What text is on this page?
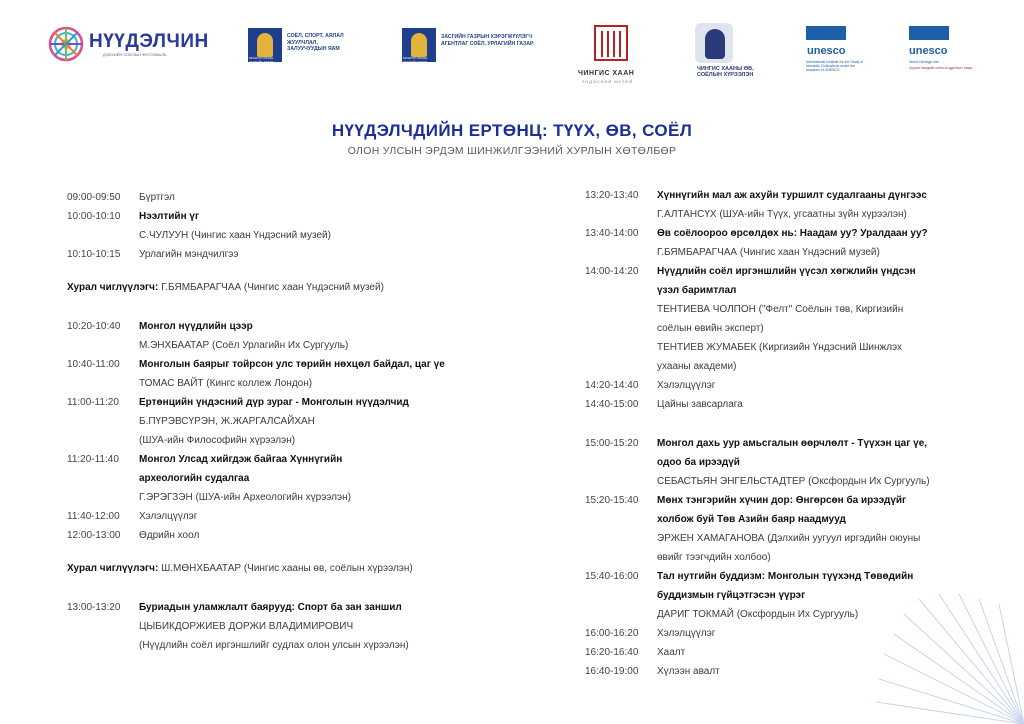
НҮҮДЭЛЧИН
ДЭЛХИЙН СОЁЛЫН ФЕСТИВАЛЬ
МОНГОЛ УЛСЫН ЗАСГИЙН ГАЗАР
СОЁЛ, СПОРТ, АЯЛАЛ ЖУУЛЧЛАЛ, ЗАЛУУЧУУДЫН ЯАМ
МОНГОЛ УЛСЫН ЗАСГИЙН ГАЗАР
ЗАСГИЙН ГАЗРЫН ХЭРЭГЖҮҮЛЭГЧ АГЕНТЛАГ СОЁЛ, УРЛАГИЙН ГАЗАР
ЧИНГИС ХААН
ҮНДЭСНИЙ МУЗЕЙ
ЧИНГИС ХААНЫ ӨВ, СОЁЛЫН ХҮРЭЭЛЭН
unesco
International Institute for the Study of Nomadic Civilizations under the auspices of UNESCO
unesco
World Heritage site
Хурган хөндийн соёлын дурсгалт газар
НҮҮДЭЛЧДИЙН ЕРТӨНЦ: ТҮҮХ, ӨВ, СОЁЛ
ОЛОН УЛСЫН ЭРДЭМ ШИНЖИЛГЭЭНИЙ ХУРЛЫН ХӨТӨЛБӨР
09:00-09:50	Бүртгэл
10:00-10:10	Нээлтийн үг
С.ЧУЛУУН (Чингис хаан Үндэсний музей)
10:10-10:15	Урлагийн мэндчилгээ
Хурал чиглүүлэгч: Г.БЯМБАРАГЧАА (Чингис хаан Үндэсний музей)
10:20-10:40	Монгол нүүдлийн цээр
М.ЭНХБААТАР (Соёл Урлагийн Их Сургууль)
10:40-11:00	Монголын баярыг тойрсон улс төрийн нөхцөл байдал, цаг үе
ТОМАС ВАЙТ (Кингс коллеж Лондон)
11:00-11:20	Ертөнцийн үндэсний дүр зураг - Монголын нүүдэлчид
Б.ПҮРЭВСҮРЭН, Ж.ЖАРГАЛСАЙХАН
(ШУА-ийн Философийн хүрээлэн)
11:20-11:40	Монгол Улсад хийгдэж байгаа Хүннүгийн
археологийн судалгаа
Г.ЭРЭГЗЭН (ШУА-ийн Археологийн хүрээлэн)
11:40-12:00	Хэлэлцүүлэг
12:00-13:00	Өдрийн хоол
Хурал чиглүүлэгч: Ш.МӨНХБААТАР (Чингис хааны өв, соёлын хүрээлэн)
13:00-13:20	Буриадын уламжлалт баярууд: Спорт ба зан заншил
ЦЫБИКДОРЖИЕВ ДОРЖИ ВЛАДИМИРОВИЧ
(Нүүдлийн соёл иргэншлийг судлах олон улсын хүрээлэн)
13:20-13:40	Хүннүгийн мал аж ахуйн туршилт судалгааны дүнгээс
Г.АЛТАНСҮХ (ШУА-ийн Түүх, угсаатны зүйн хүрээлэн)
13:40-14:00	Өв соёлоороо өрсөлдөх нь: Наадам уу? Уралдаан уу?
Г.БЯМБАРАГЧАА (Чингис хаан Үндэсний музей)
14:00-14:20	Нүүдлийн соёл иргэншлийн үүсэл хөгжлийн үндсэн
үзэл баримтлал
ТЕНТИЕВА ЧОЛПОН ("Фелт" Соёлын төв, Киргизийн
соёлын өвийн эксперт)
ТЕНТИЕВ ЖУМАБЕК (Киргизийн Үндэсний Шинжлэх
ухааны академи)
14:20-14:40	Хэлэлцүүлэг
14:40-15:00	Цайны завсарлага
15:00-15:20	Монгол дахь уур амьсгалын өөрчлөлт - Түүхэн цаг үе,
одоо ба ирээдүй
СЕБАСТЬЯН ЭНГЕЛЬСТАДТЕР (Оксфордын Их Сургууль)
15:20-15:40	Мөнх тэнгэрийн хүчин дор: Өнгөрсөн ба ирээдүйг
холбож буй Төв Азийн баяр наадмууд
ЭРЖЕН ХАМАГАНОВА (Дэлхийн уугуул иргэдийн оюуны
өвийг тээгчдийн холбоо)
15:40-16:00	Тал нутгийн буддизм: Монголын түүхэнд Төвөдийн
буддизмын гүйцэтгэсэн үүрэг
ДАРИГ ТОКМАЙ (Оксфордын Их Сургууль)
16:00-16:20	Хэлэлцүүлэг
16:20-16:40	Хаалт
16:40-19:00	Хүлээн авалт
